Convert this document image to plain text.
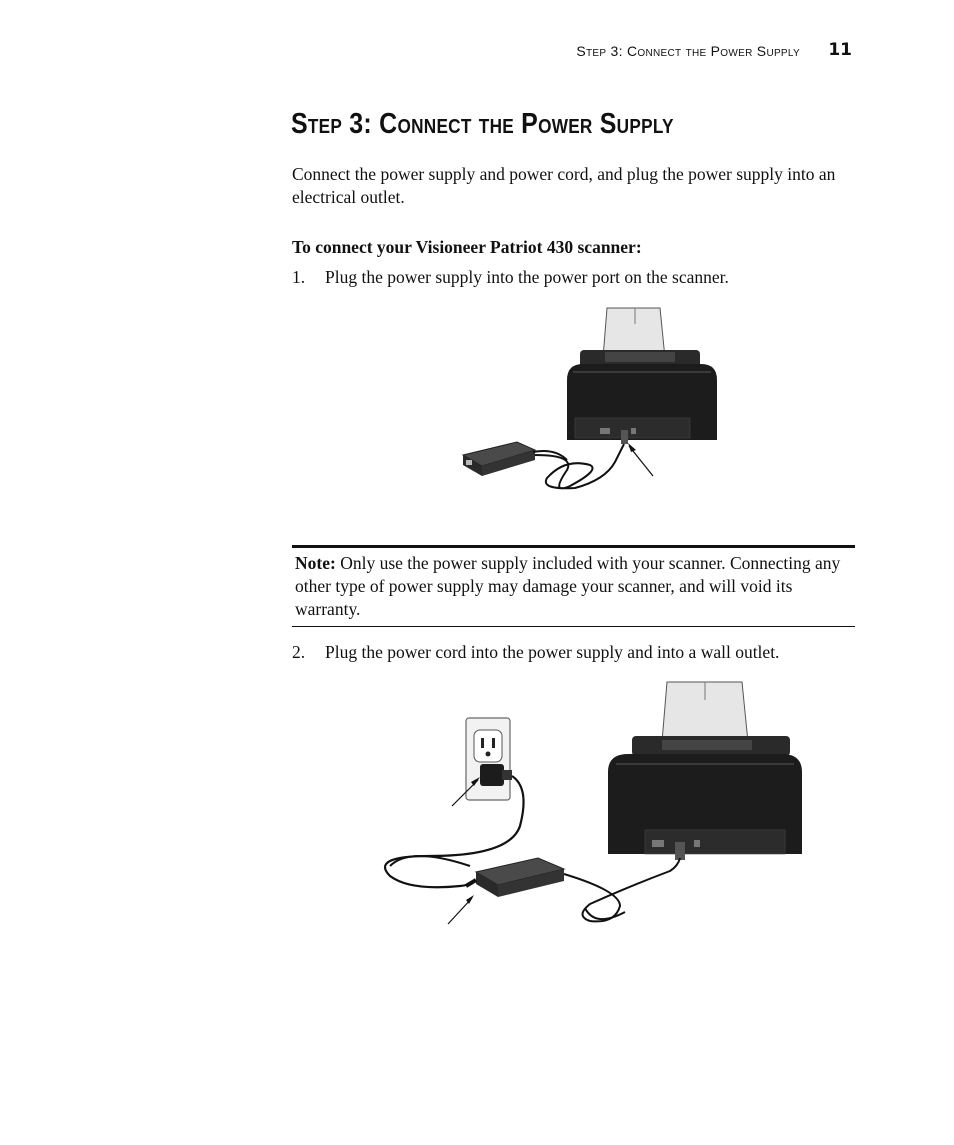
Step 3: Connect the Power Supply 11
Step 3: Connect the Power Supply
Connect the power supply and power cord, and plug the power supply into an electrical outlet.
To connect your Visioneer Patriot 430 scanner:
1. Plug the power supply into the power port on the scanner.

Note: Only use the power supply included with your scanner. Connecting any other type of power supply may damage your scanner, and will void its warranty.

2. Plug the power cord into the power supply and into a wall outlet.
